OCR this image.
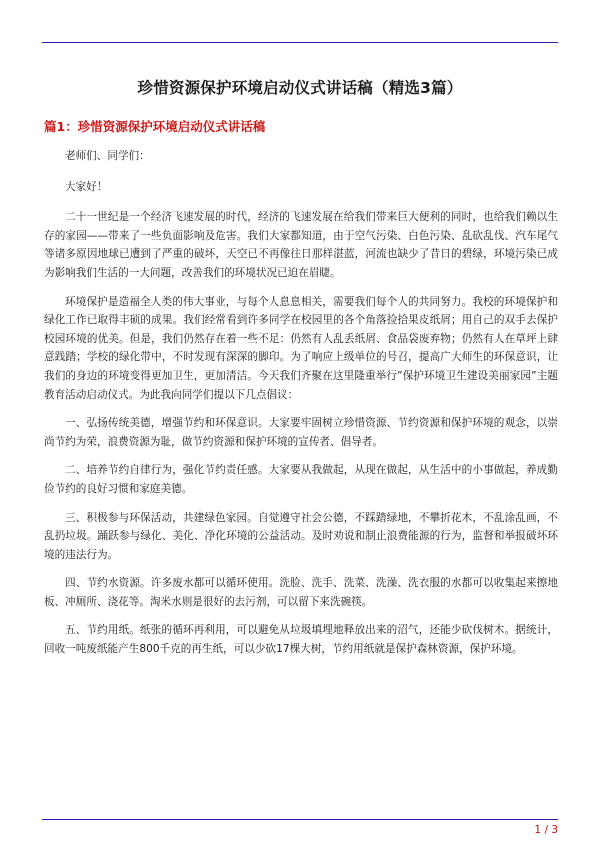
珍惜资源保护环境启动仪式讲话稿（精选3篇）
篇1：珍惜资源保护环境启动仪式讲话稿

老师们、同学们：

大家好！

二十一世纪是一个经济飞速发展的时代，经济的飞速发展在给我们带来巨大便利的同时，也给我们赖以生存的家园——带来了一些负面影响及危害。我们大家都知道，由于空气污染、白色污染、乱砍乱伐、汽车尾气等诸多原因地球已遭到了严重的破坏，天空已不再像往日那样湛蓝，河流也缺少了昔日的碧绿，环境污染已成为影响我们生活的一大问题，改善我们的环境状况已迫在眉睫。

环境保护是造福全人类的伟大事业，与每个人息息相关，需要我们每个人的共同努力。我校的环境保护和绿化工作已取得丰硕的成果。我们经常看到许多同学在校园里的各个角落捡拾果皮纸屑；用自己的双手去保护校园环境的优美。但是，我们仍然存在着一些不足：仍然有人乱丢纸屑、食品袋废弃物；仍然有人在草坪上肆意践踏；学校的绿化带中，不时发现有深深的脚印。为了响应上级单位的号召，提高广大师生的环保意识，让我们的身边的环境变得更加卫生，更加清洁。今天我们齐聚在这里隆重举行”保护环境卫生建设美丽家园”主题教育活动启动仪式。为此我向同学们提以下几点倡议：

一、弘扬传统美德，增强节约和环保意识。大家要牢固树立珍惜资源、节约资源和保护环境的观念，以崇尚节约为荣，浪费资源为耻，做节约资源和保护环境的宣传者、倡导者。

二、培养节约自律行为，强化节约责任感。大家要从我做起，从现在做起，从生活中的小事做起，养成勤俭节约的良好习惯和家庭美德。

三、积极参与环保活动，共建绿色家园。自觉遵守社会公德，不踩踏绿地，不攀折花木，不乱涂乱画，不乱扔垃圾。踊跃参与绿化、美化、净化环境的公益活动。及时劝说和制止浪费能源的行为，监督和举报破坏环境的违法行为。

四、节约水资源。许多废水都可以循环使用。洗脸、洗手、洗菜、洗澡、洗衣服的水都可以收集起来擦地板、冲厕所、浇花等。淘米水则是很好的去污剂，可以留下来洗碗筷。

五、节约用纸。纸张的循环再利用，可以避免从垃圾填埋地释放出来的沼气，还能少砍伐树木。据统计，回收一吨废纸能产生800千克的再生纸，可以少砍17棵大树，节约用纸就是保护森林资源，保护环境。

1 / 3
